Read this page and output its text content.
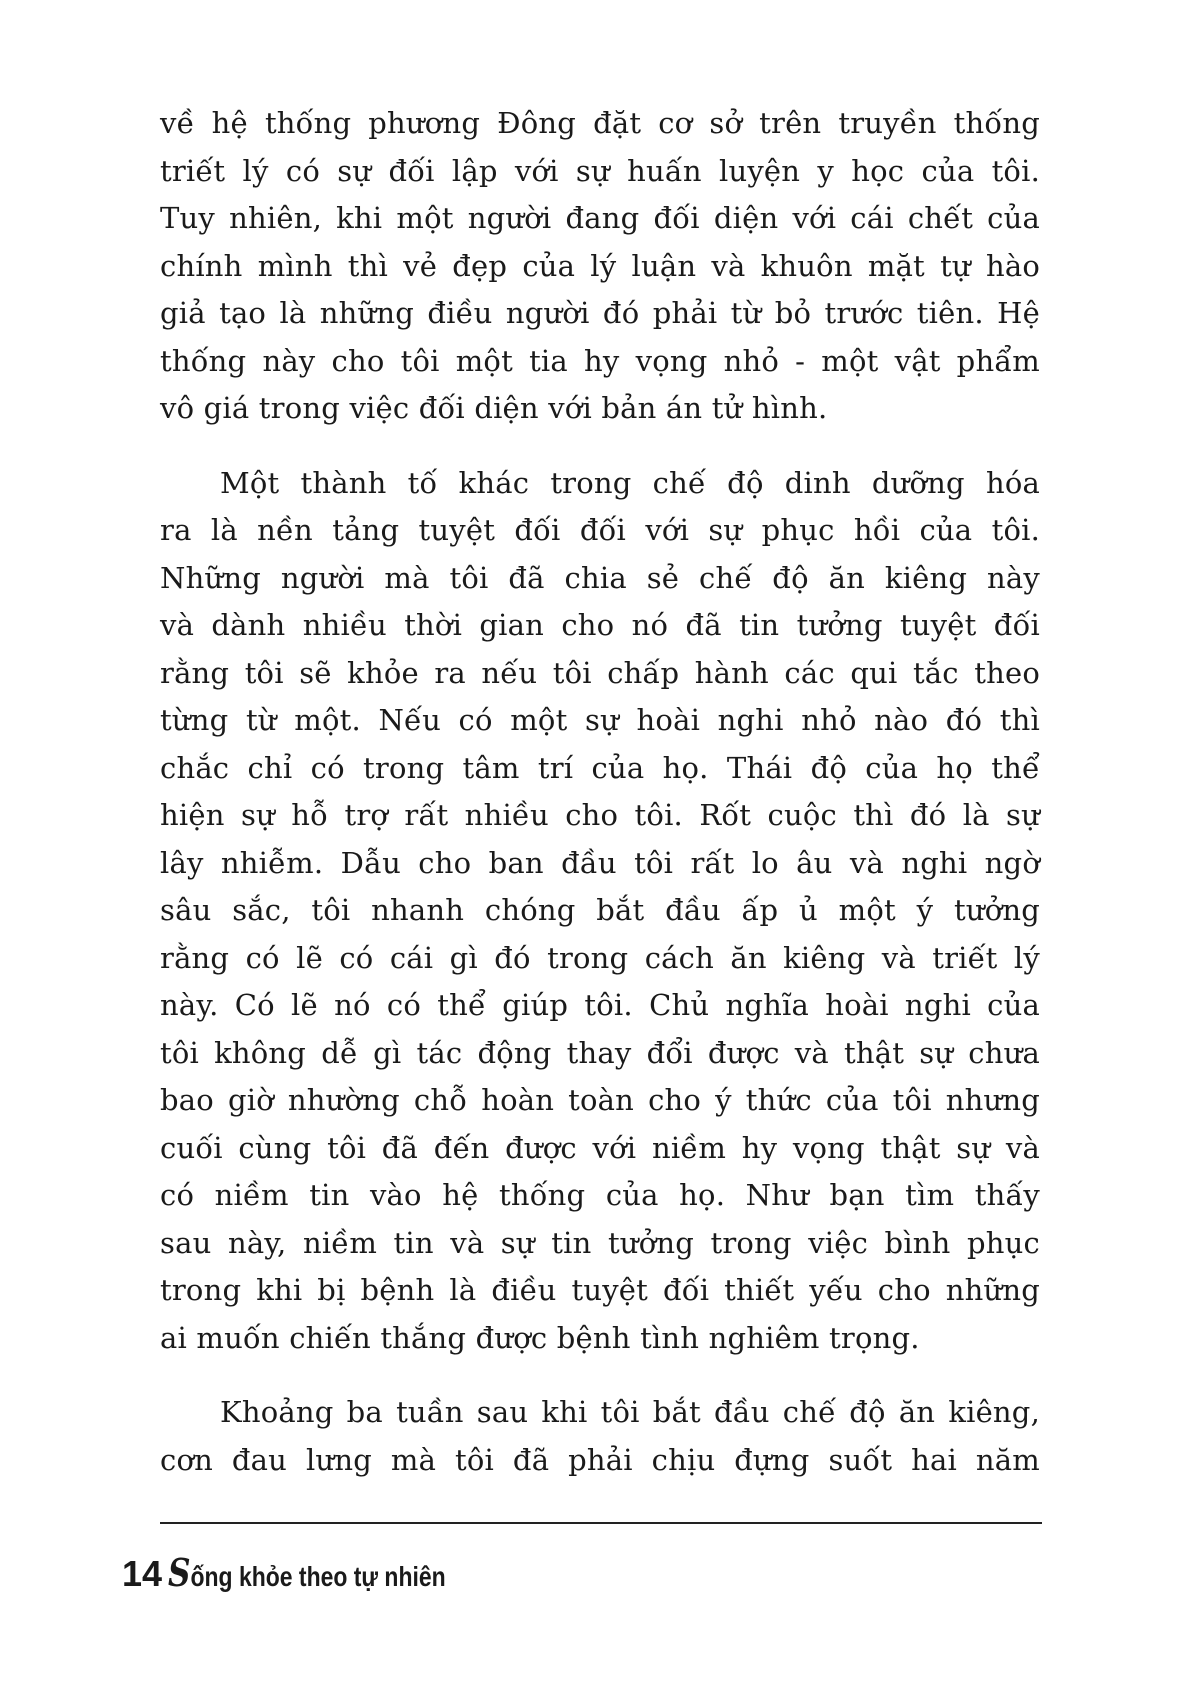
về hệ thống phương Đông đặt cơ sở trên truyền thống
triết lý có sự đối lập với sự huấn luyện y học của tôi.
Tuy nhiên, khi một người đang đối diện với cái chết của
chính mình thì vẻ đẹp của lý luận và khuôn mặt tự hào
giả tạo là những điều người đó phải từ bỏ trước tiên. Hệ
thống này cho tôi một tia hy vọng nhỏ - một vật phẩm
vô giá trong việc đối diện với bản án tử hình.
Một thành tố khác trong chế độ dinh dưỡng hóa
ra là nền tảng tuyệt đối đối với sự phục hồi của tôi.
Những người mà tôi đã chia sẻ chế độ ăn kiêng này
và dành nhiều thời gian cho nó đã tin tưởng tuyệt đối
rằng tôi sẽ khỏe ra nếu tôi chấp hành các qui tắc theo
từng từ một. Nếu có một sự hoài nghi nhỏ nào đó thì
chắc chỉ có trong tâm trí của họ. Thái độ của họ thể
hiện sự hỗ trợ rất nhiều cho tôi. Rốt cuộc thì đó là sự
lây nhiễm. Dẫu cho ban đầu tôi rất lo âu và nghi ngờ
sâu sắc, tôi nhanh chóng bắt đầu ấp ủ một ý tưởng
rằng có lẽ có cái gì đó trong cách ăn kiêng và triết lý
này. Có lẽ nó có thể giúp tôi. Chủ nghĩa hoài nghi của
tôi không dễ gì tác động thay đổi được và thật sự chưa
bao giờ nhường chỗ hoàn toàn cho ý thức của tôi nhưng
cuối cùng tôi đã đến được với niềm hy vọng thật sự và
có niềm tin vào hệ thống của họ. Như bạn tìm thấy
sau này, niềm tin và sự tin tưởng trong việc bình phục
trong khi bị bệnh là điều tuyệt đối thiết yếu cho những
ai muốn chiến thắng được bệnh tình nghiêm trọng.
Khoảng ba tuần sau khi tôi bắt đầu chế độ ăn kiêng,
cơn đau lưng mà tôi đã phải chịu đựng suốt hai năm
14 Sống khỏe theo tự nhiên
